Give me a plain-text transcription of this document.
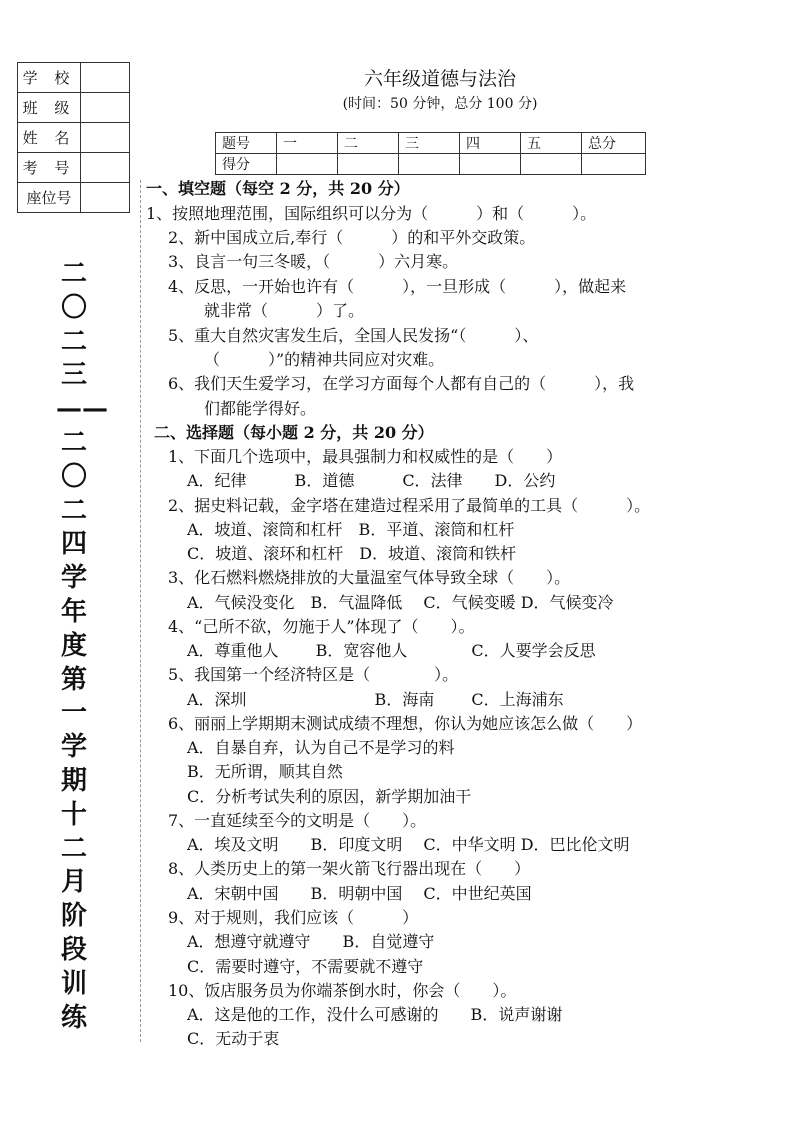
学 校	
班 级	
姓 名	
考 号	
座位号	
二〇二三——二〇二四学年度第一学期十二月阶段训练
六年级道德与法治
(时间：50 分钟，总分 100 分)
题号	一	二	三	四	五	总分
得分						
一、填空题（每空 2 分，共 20 分）
1、按照地理范围，国际组织可以分为（　　　）和（　　　）。
2、新中国成立后,奉行（　　　）的和平外交政策。
3、良言一句三冬暖，（　　　）六月寒。
4、反思，一开始也许有（　　　），一旦形成（　　　），做起来
就非常（　　　）了。
5、重大自然灾害发生后，全国人民发扬“（　　　）、
（　　　）”的精神共同应对灾难。
6、我们天生爱学习，在学习方面每个人都有自己的（　　　），我
们都能学得好。
二、选择题（每小题 2 分，共 20 分）
1、下面几个选项中，最具强制力和权威性的是（　　）
A．纪律　　　B．道德　　　C．法律　　D．公约
2、据史料记载，金字塔在建造过程采用了最简单的工具（　　　）。
A．坡道、滚筒和杠杆　B．平道、滚筒和杠杆
C．坡道、滚环和杠杆　D．坡道、滚筒和铁杆
3、化石燃料燃烧排放的大量温室气体导致全球（　　）。
A．气候没变化　B．气温降低　 C．气候变暖 D．气候变冷
4、“己所不欲，勿施于人”体现了（　　）。
A．尊重他人　　 B．宽容他人　　　　C．人要学会反思
5、我国第一个经济特区是（　　　　）。
A．深圳　　　　　　　　B．海南　　 C．上海浦东
6、丽丽上学期期末测试成绩不理想，你认为她应该怎么做（　　）
A．自暴自弃，认为自己不是学习的料
B．无所谓，顺其自然
C．分析考试失利的原因，新学期加油干
7、一直延续至今的文明是（　　）。
A．埃及文明　　B．印度文明　 C．中华文明 D．巴比伦文明
8、人类历史上的第一架火箭飞行器出现在（　　）
A．宋朝中国　　B．明朝中国　 C．中世纪英国
9、对于规则，我们应该（　　　）
A．想遵守就遵守　　B．自觉遵守
C．需要时遵守，不需要就不遵守
10、饭店服务员为你端茶倒水时，你会（　　）。
A．这是他的工作，没什么可感谢的　　B．说声谢谢
C．无动于衷
